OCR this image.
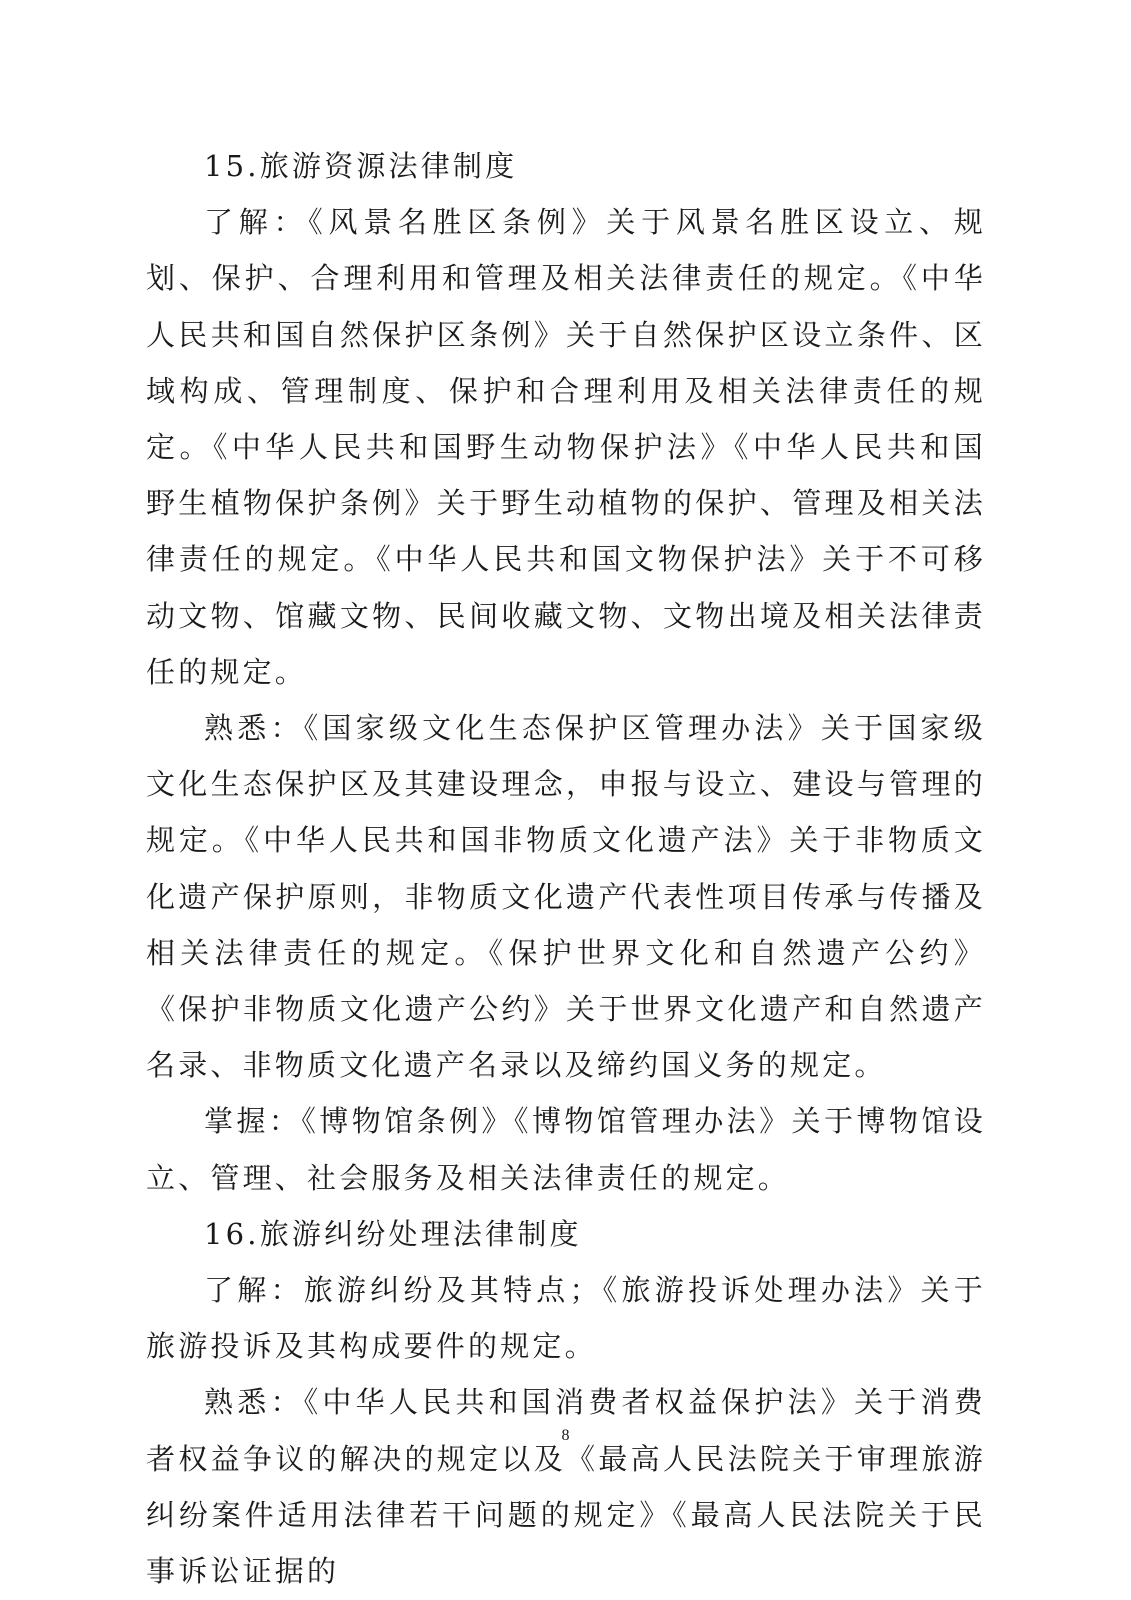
15.旅游资源法律制度

了解：《风景名胜区条例》关于风景名胜区设立、规划、保护、合理利用和管理及相关法律责任的规定。《中华人民共和国自然保护区条例》关于自然保护区设立条件、区域构成、管理制度、保护和合理利用及相关法律责任的规定。《中华人民共和国野生动物保护法》《中华人民共和国野生植物保护条例》关于野生动植物的保护、管理及相关法律责任的规定。《中华人民共和国文物保护法》关于不可移动文物、馆藏文物、民间收藏文物、文物出境及相关法律责任的规定。

熟悉：《国家级文化生态保护区管理办法》关于国家级文化生态保护区及其建设理念，申报与设立、建设与管理的规定。《中华人民共和国非物质文化遗产法》关于非物质文化遗产保护原则，非物质文化遗产代表性项目传承与传播及相关法律责任的规定。《保护世界文化和自然遗产公约》《保护非物质文化遗产公约》关于世界文化遗产和自然遗产名录、非物质文化遗产名录以及缔约国义务的规定。

掌握：《博物馆条例》《博物馆管理办法》关于博物馆设立、管理、社会服务及相关法律责任的规定。

16.旅游纠纷处理法律制度

了解：旅游纠纷及其特点；《旅游投诉处理办法》关于旅游投诉及其构成要件的规定。

熟悉：《中华人民共和国消费者权益保护法》关于消费者权益争议的解决的规定以及《最高人民法院关于审理旅游纠纷案件适用法律若干问题的规定》《最高人民法院关于民事诉讼证据的

8
